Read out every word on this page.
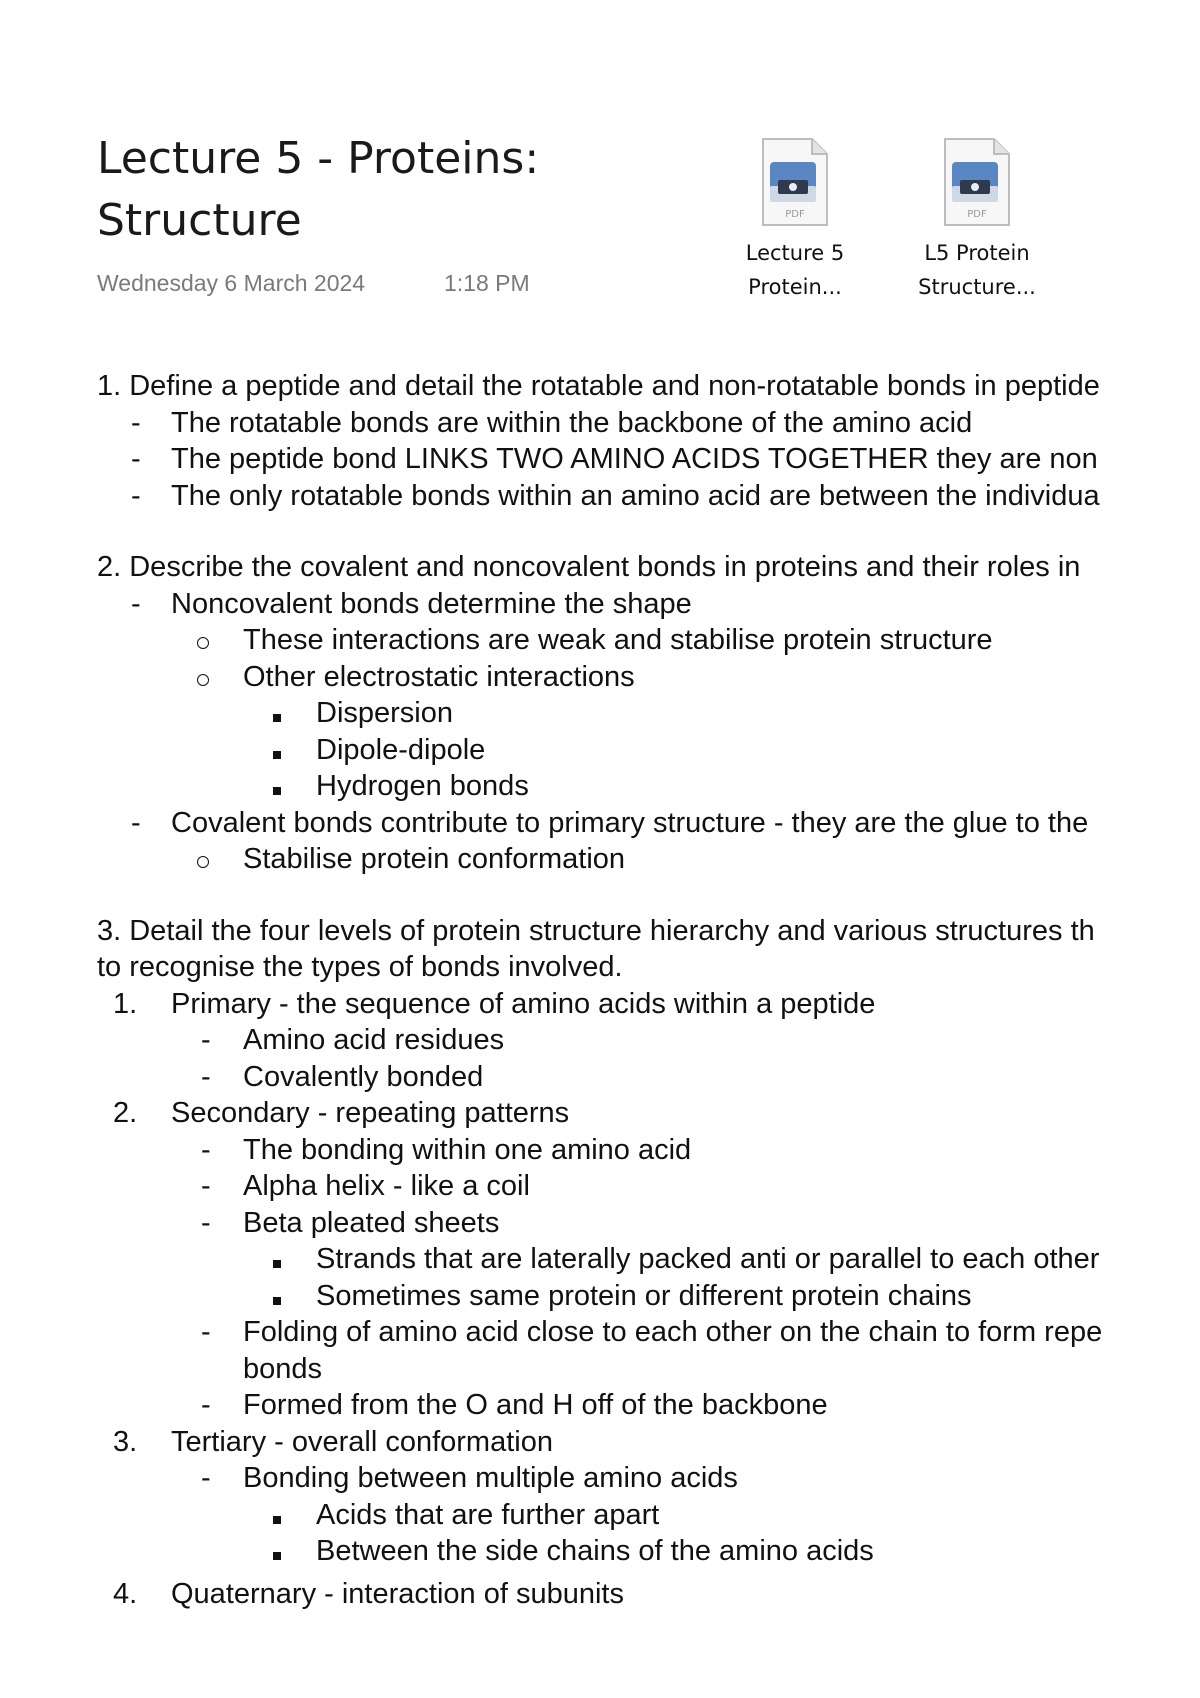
Lecture 5 - Proteins:
Structure
Wednesday 6 March 2024	1:18 PM
PDF
Lecture 5
Protein...
PDF
L5 Protein
Structure...
1. Define a peptide and detail the rotatable and non-rotatable bonds in peptide
- The rotatable bonds are within the backbone of the amino acid
- The peptide bond LINKS TWO AMINO ACIDS TOGETHER they are non
- The only rotatable bonds within an amino acid are between the individua
2. Describe the covalent and noncovalent bonds in proteins and their roles in
- Noncovalent bonds determine the shape
These interactions are weak and stabilise protein structure
Other electrostatic interactions
Dispersion
Dipole-dipole
Hydrogen bonds
- Covalent bonds contribute to primary structure - they are the glue to the
Stabilise protein conformation
3. Detail the four levels of protein structure hierarchy and various structures th
to recognise the types of bonds involved.
1. Primary - the sequence of amino acids within a peptide
- Amino acid residues
- Covalently bonded
2. Secondary - repeating patterns
- The bonding within one amino acid
- Alpha helix - like a coil
- Beta pleated sheets
Strands that are laterally packed anti or parallel to each other
Sometimes same protein or different protein chains
- Folding of amino acid close to each other on the chain to form repe
bonds
- Formed from the O and H off of the backbone
3. Tertiary - overall conformation
- Bonding between multiple amino acids
Acids that are further apart
Between the side chains of the amino acids
4. Quaternary - interaction of subunits
